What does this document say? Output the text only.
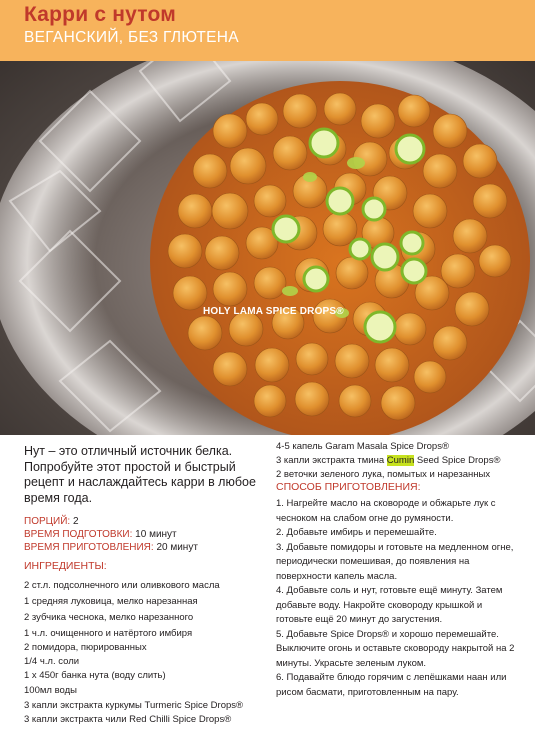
Карри с нутом
ВЕГАНСКИЙ, БЕЗ ГЛЮТЕНА
HOLY LAMA SPICE DROPS®
Нут – это отличный источник белка. Попробуйте этот простой и быстрый рецепт и наслаждайтесь карри в любое время года.
ПОРЦИЙ: 2
ВРЕМЯ ПОДГОТОВКИ: 10 минут
ВРЕМЯ ПРИГОТОВЛЕНИЯ: 20 минут
ИНГРЕДИЕНТЫ:
2 ст.л. подсолнечного или оливкового масла
1 средняя луковица, мелко нарезанная
2 зубчика чеснока, мелко нарезанного
1 ч.л. очищенного и натёртого имбиря
2 помидора, пюрированных
1/4 ч.л. соли
1 х 450г банка нута (воду слить)
100мл воды
3 капли экстракта куркумы Turmeric Spice Drops®
3 капли экстракта чили Red Chilli Spice Drops®
4-5 капель Garam Masala Spice Drops®
3 капли экстракта тмина Cumin Seed Spice Drops®
2 веточки зеленого лука, помытых и нарезанных
СПОСОБ ПРИГОТОВЛЕНИЯ:

1. Нагрейте масло на сковороде и обжарьте лук с чесноком на слабом огне до румяности.

2. Добавьте имбирь и перемешайте.

3. Добавьте помидоры и готовьте на медленном огне, периодически помешивая, до появления на поверхности капель масла.

4. Добавьте соль и нут, готовьте ещё минуту. Затем добавьте воду. Накройте сковороду крышкой и готовьте ещё 20 минут до загустения.

5. Добавьте Spice Drops® и хорошо перемешайте. Выключите огонь и оставьте сковороду накрытой на 2 минуты. Украсьте зеленым луком.

6. Подавайте блюдо горячим с лепёшками наан или рисом басмати, приготовленным на пару.
